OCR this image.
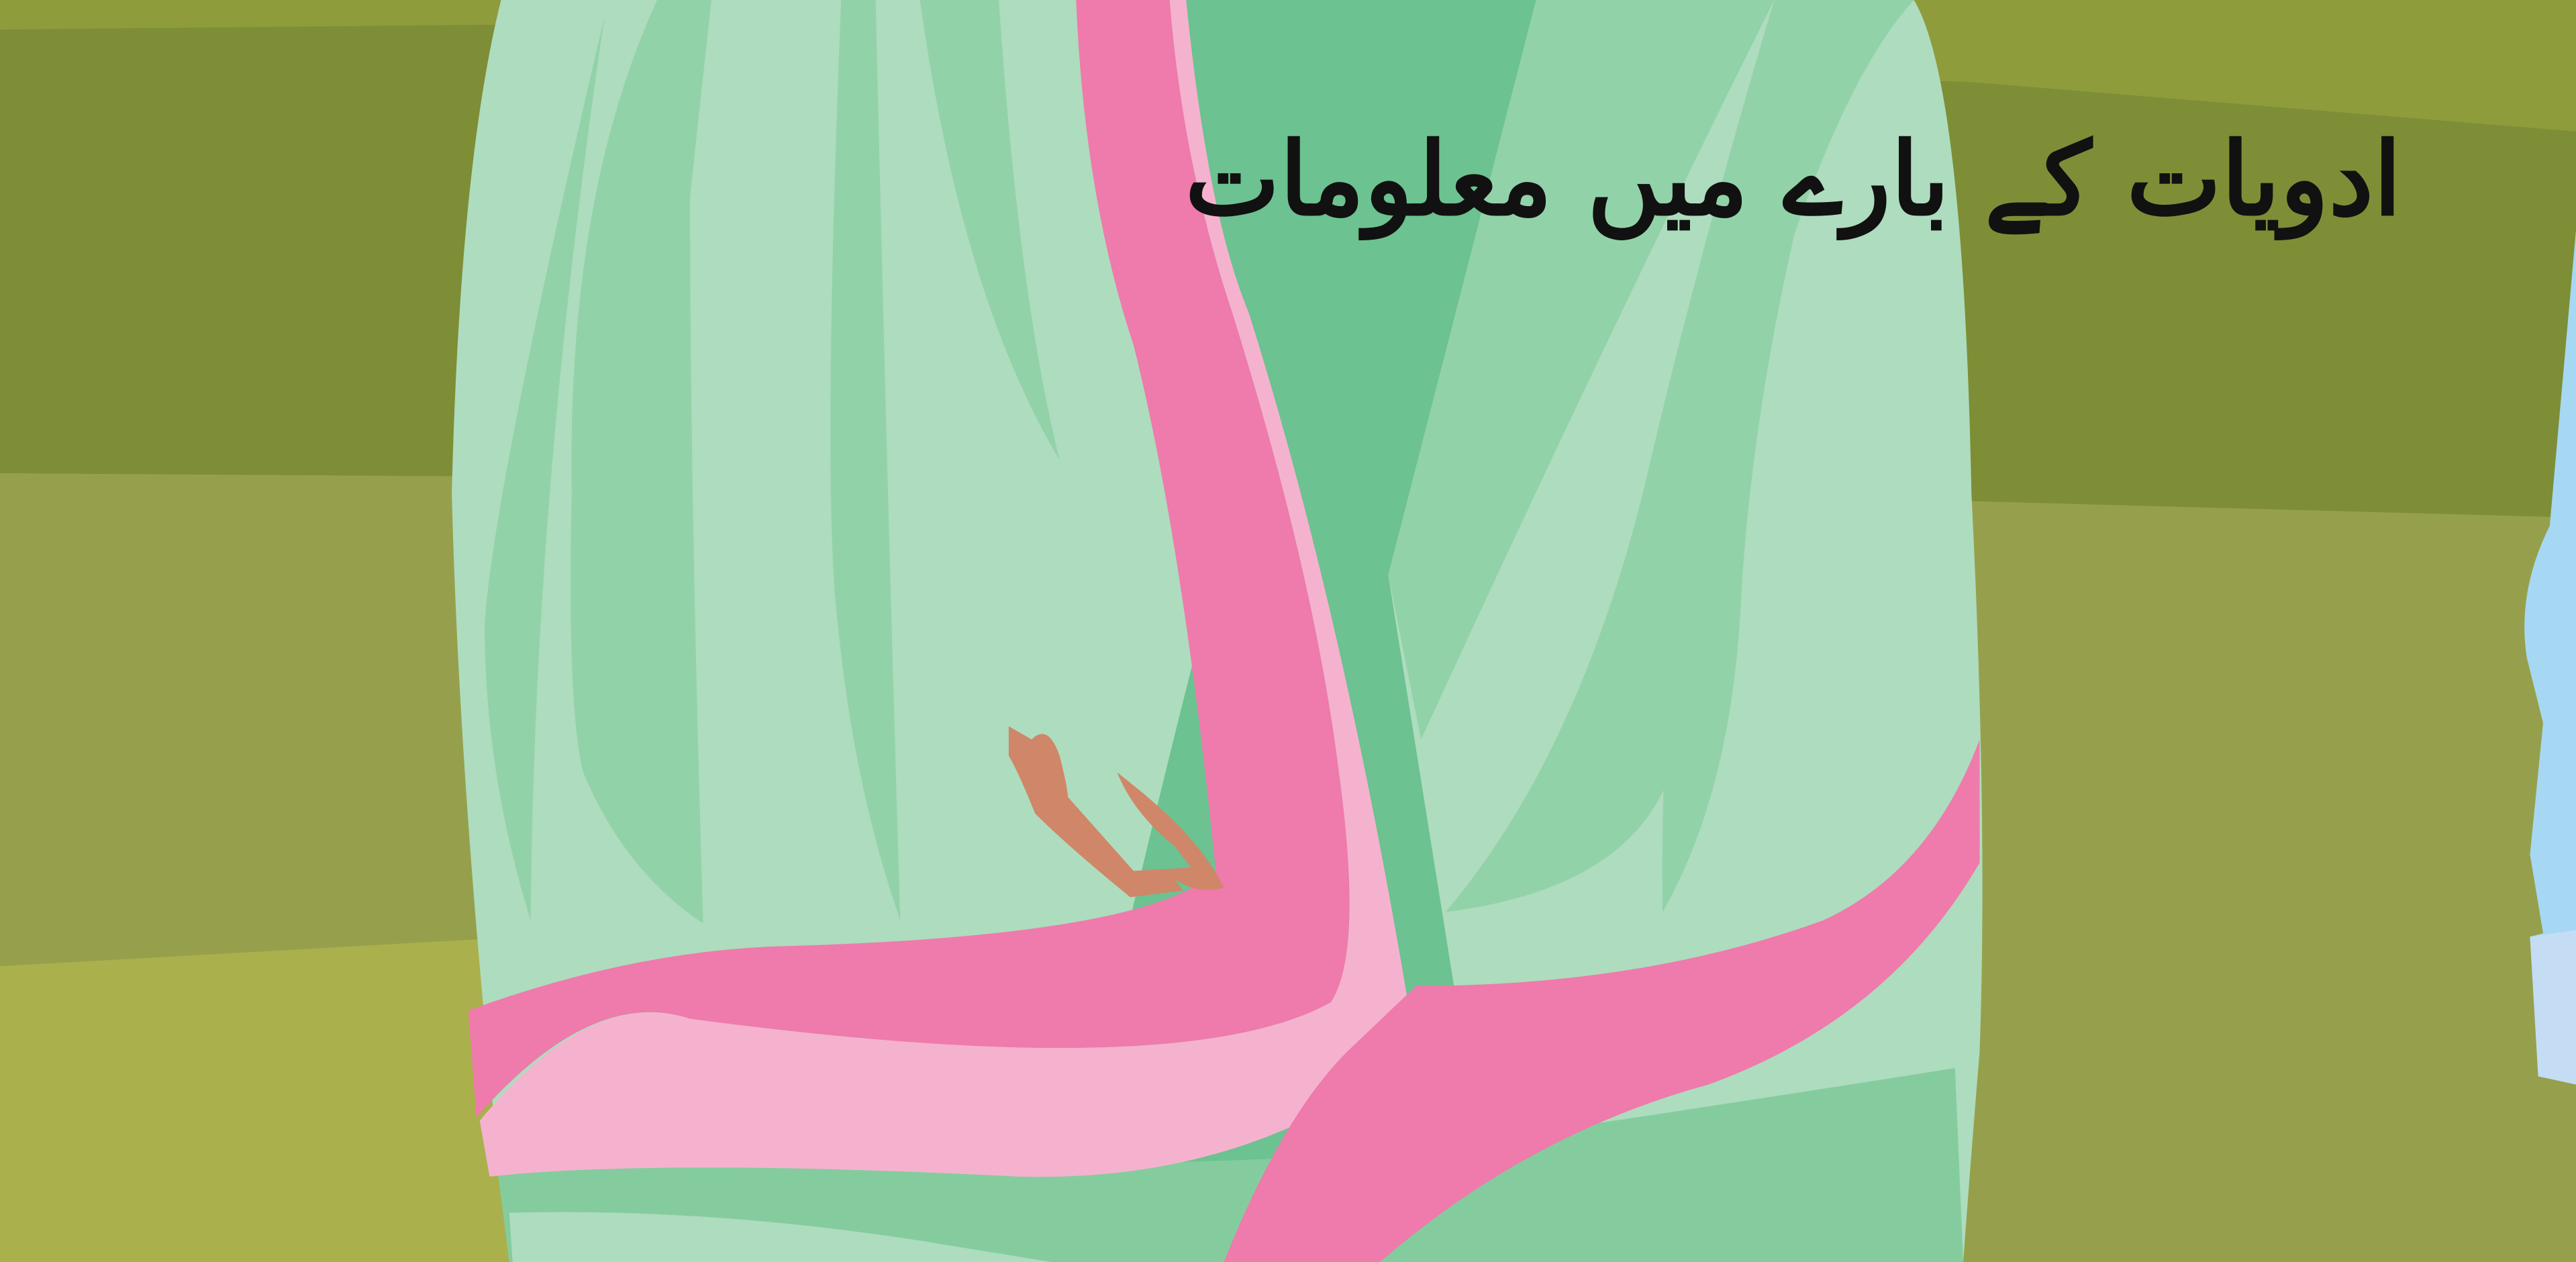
ادویات کے بارے میں معلومات
